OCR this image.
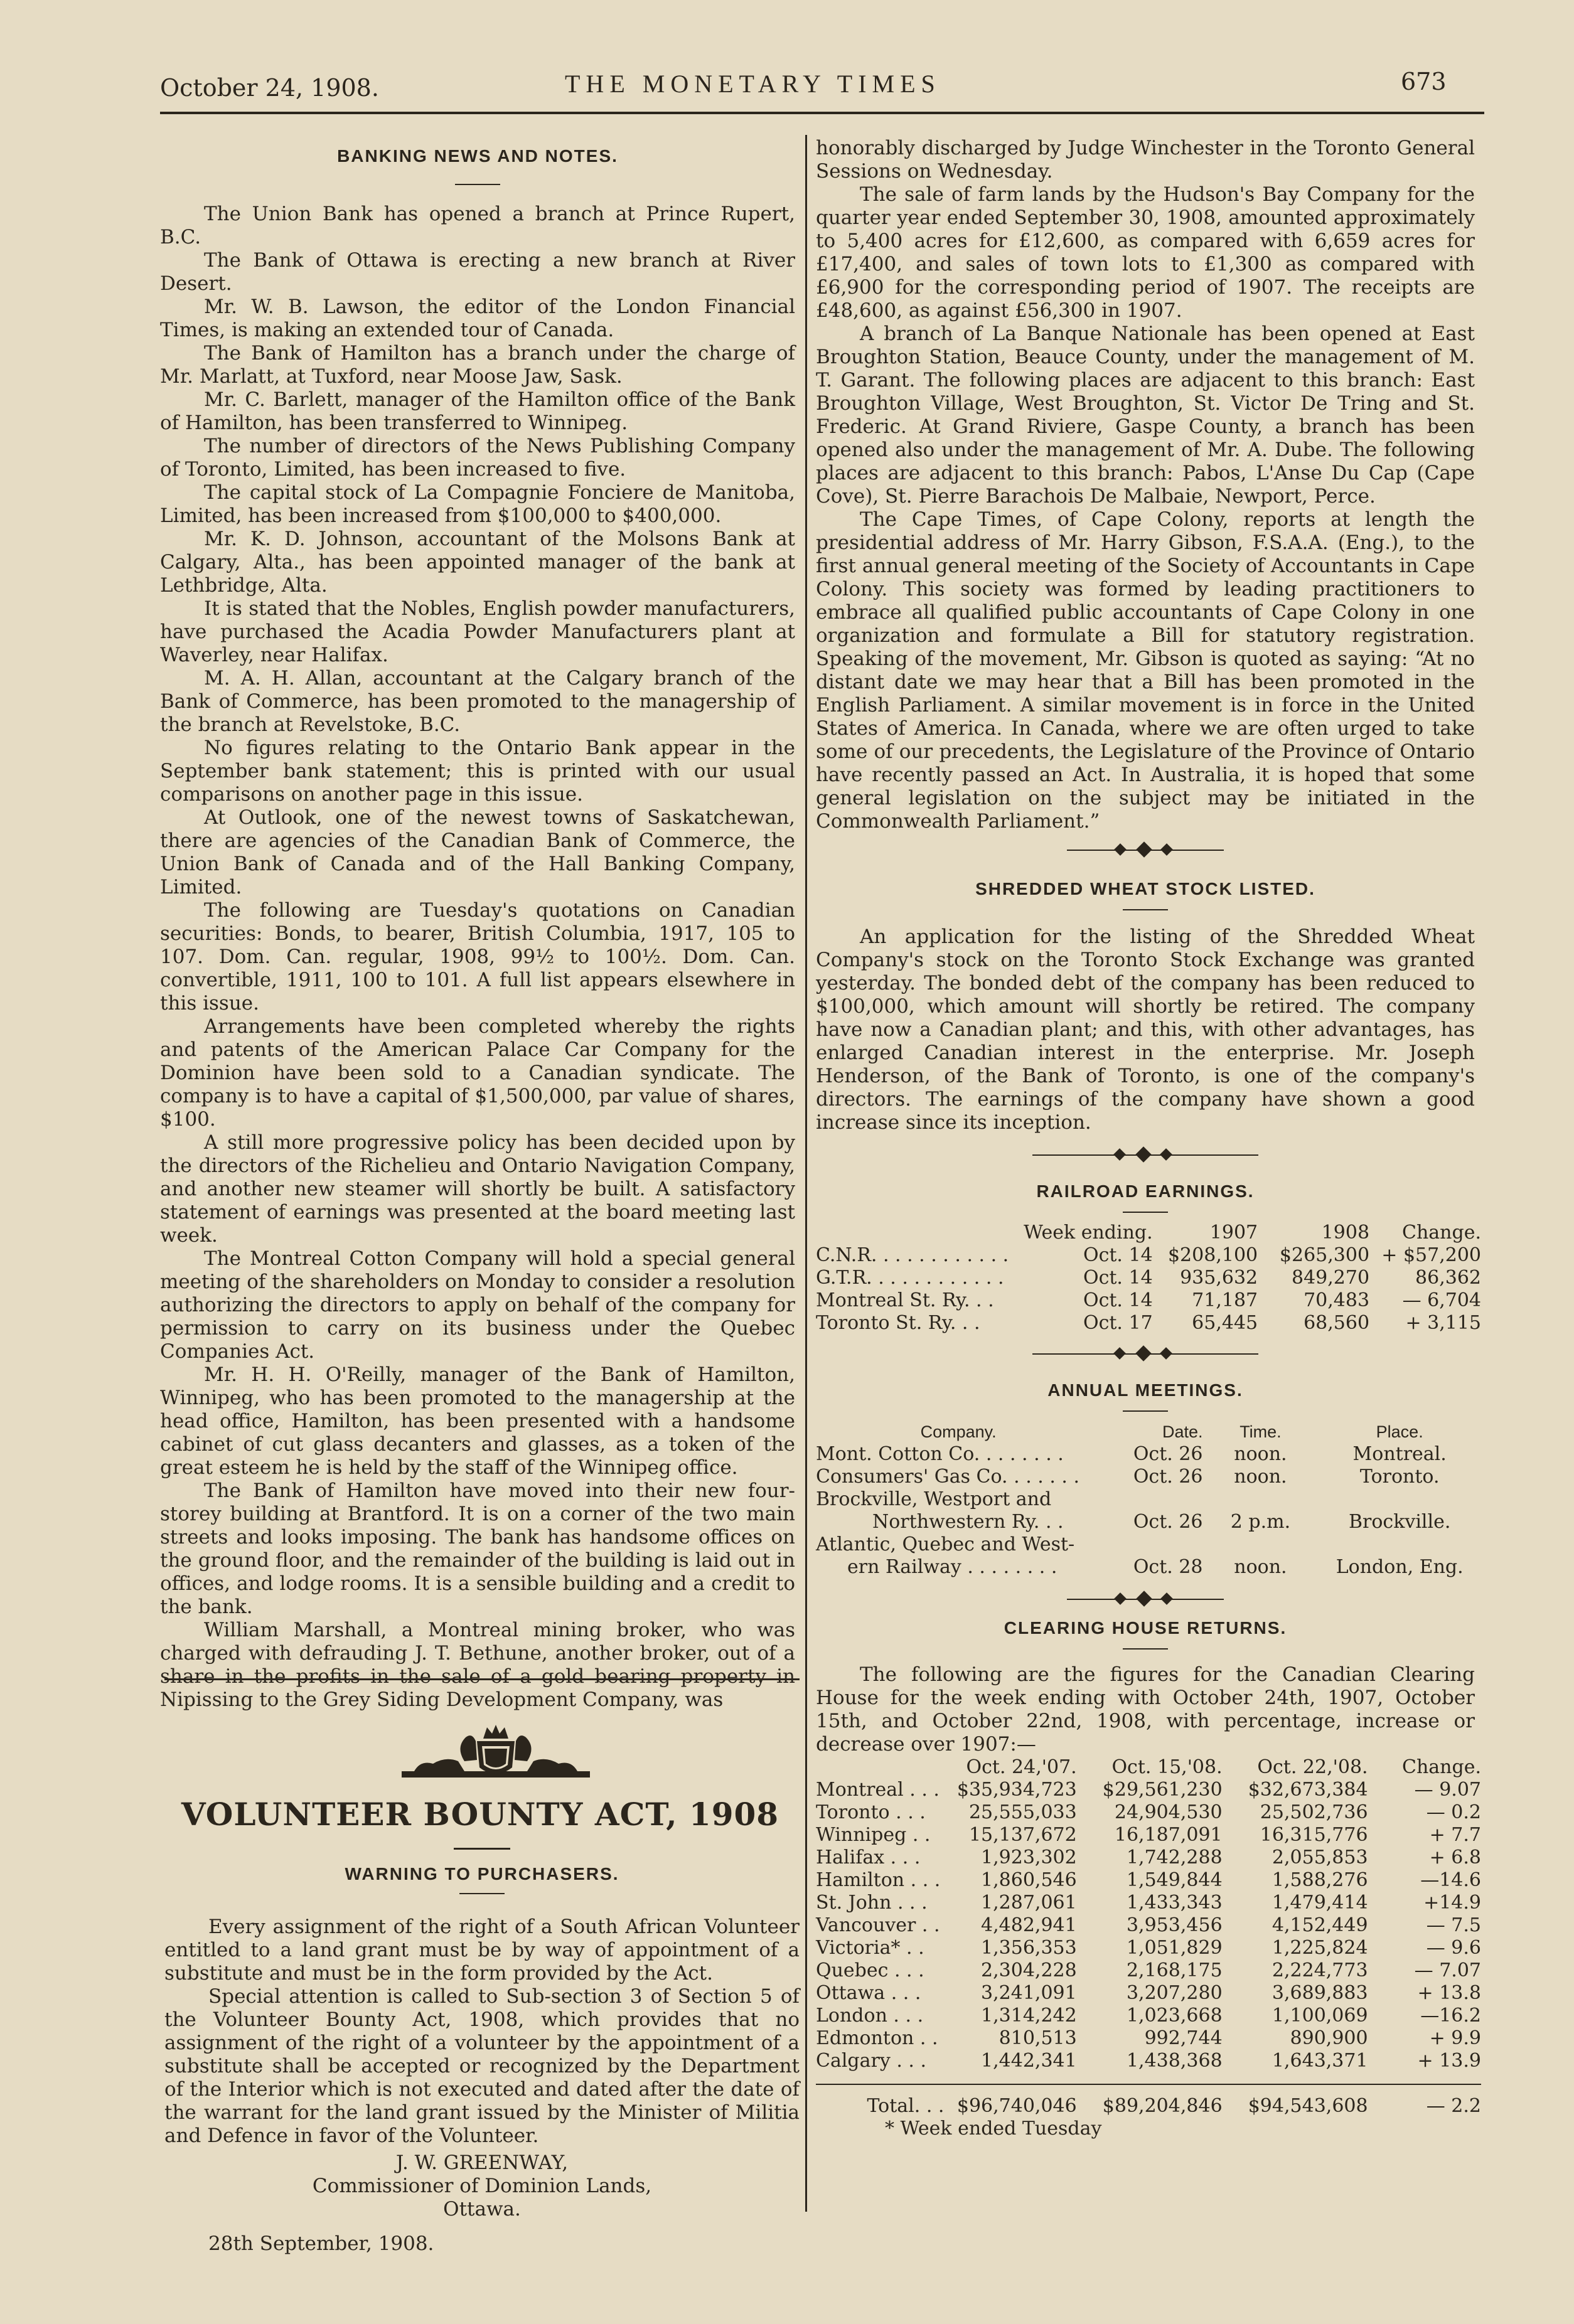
October 24, 1908.	THE MONETARY TIMES	673
BANKING NEWS AND NOTES.

The Union Bank has opened a branch at Prince Rupert, B.C.

The Bank of Ottawa is erecting a new branch at River Desert.

Mr. W. B. Lawson, the editor of the London Financial Times, is making an extended tour of Canada.

The Bank of Hamilton has a branch under the charge of Mr. Marlatt, at Tuxford, near Moose Jaw, Sask.

Mr. C. Barlett, manager of the Hamilton office of the Bank of Hamilton, has been transferred to Winnipeg.

The number of directors of the News Publishing Company of Toronto, Limited, has been increased to five.

The capital stock of La Compagnie Fonciere de Manitoba, Limited, has been increased from $100,000 to $400,000.

Mr. K. D. Johnson, accountant of the Molsons Bank at Calgary, Alta., has been appointed manager of the bank at Lethbridge, Alta.

It is stated that the Nobles, English powder manufacturers, have purchased the Acadia Powder Manufacturers plant at Waverley, near Halifax.

M. A. H. Allan, accountant at the Calgary branch of the Bank of Commerce, has been promoted to the managership of the branch at Revelstoke, B.C.

No figures relating to the Ontario Bank appear in the September bank statement; this is printed with our usual comparisons on another page in this issue.

At Outlook, one of the newest towns of Saskatchewan, there are agencies of the Canadian Bank of Commerce, the Union Bank of Canada and of the Hall Banking Company, Limited.

The following are Tuesday's quotations on Canadian securities: Bonds, to bearer, British Columbia, 1917, 105 to 107. Dom. Can. regular, 1908, 99½ to 100½. Dom. Can. convertible, 1911, 100 to 101. A full list appears elsewhere in this issue.

Arrangements have been completed whereby the rights and patents of the American Palace Car Company for the Dominion have been sold to a Canadian syndicate. The company is to have a capital of $1,500,000, par value of shares, $100.

A still more progressive policy has been decided upon by the directors of the Richelieu and Ontario Navigation Company, and another new steamer will shortly be built. A satisfactory statement of earnings was presented at the board meeting last week.

The Montreal Cotton Company will hold a special general meeting of the shareholders on Monday to consider a resolution authorizing the directors to apply on behalf of the company for permission to carry on its business under the Quebec Companies Act.

Mr. H. H. O'Reilly, manager of the Bank of Hamilton, Winnipeg, who has been promoted to the managership at the head office, Hamilton, has been presented with a handsome cabinet of cut glass decanters and glasses, as a token of the great esteem he is held by the staff of the Winnipeg office.

The Bank of Hamilton have moved into their new four-storey building at Brantford. It is on a corner of the two main streets and looks imposing. The bank has handsome offices on the ground floor, and the remainder of the building is laid out in offices, and lodge rooms. It is a sensible building and a credit to the bank.

William Marshall, a Montreal mining broker, who was charged with defrauding J. T. Bethune, another broker, out of a share in the profits in the sale of a gold bearing property in Nipissing to the Grey Siding Development Company, was

VOLUNTEER BOUNTY ACT, 1908
WARNING TO PURCHASERS.

Every assignment of the right of a South African Volunteer entitled to a land grant must be by way of appointment of a substitute and must be in the form provided by the Act.

Special attention is called to Sub-section 3 of Section 5 of the Volunteer Bounty Act, 1908, which provides that no assignment of the right of a volunteer by the appointment of a substitute shall be accepted or recognized by the Department of the Interior which is not executed and dated after the date of the warrant for the land grant issued by the Minister of Militia and Defence in favor of the Volunteer.

J. W. GREENWAY,
Commissioner of Dominion Lands,
Ottawa.
28th September, 1908.

honorably discharged by Judge Winchester in the Toronto General Sessions on Wednesday.

The sale of farm lands by the Hudson's Bay Company for the quarter year ended September 30, 1908, amounted approximately to 5,400 acres for £12,600, as compared with 6,659 acres for £17,400, and sales of town lots to £1,300 as compared with £6,900 for the corresponding period of 1907. The receipts are £48,600, as against £56,300 in 1907.

A branch of La Banque Nationale has been opened at East Broughton Station, Beauce County, under the management of M. T. Garant. The following places are adjacent to this branch: East Broughton Village, West Broughton, St. Victor De Tring and St. Frederic. At Grand Riviere, Gaspe County, a branch has been opened also under the management of Mr. A. Dube. The following places are adjacent to this branch: Pabos, L'Anse Du Cap (Cape Cove), St. Pierre Barachois De Malbaie, Newport, Perce.

The Cape Times, of Cape Colony, reports at length the presidential address of Mr. Harry Gibson, F.S.A.A. (Eng.), to the first annual general meeting of the Society of Accountants in Cape Colony. This society was formed by leading practitioners to embrace all qualified public accountants of Cape Colony in one organization and formulate a Bill for statutory registration. Speaking of the movement, Mr. Gibson is quoted as saying: “At no distant date we may hear that a Bill has been promoted in the English Parliament. A similar movement is in force in the United States of America. In Canada, where we are often urged to take some of our precedents, the Legislature of the Province of Ontario have recently passed an Act. In Australia, it is hoped that some general legislation on the subject may be initiated in the Commonwealth Parliament.”

SHREDDED WHEAT STOCK LISTED.

An application for the listing of the Shredded Wheat Company's stock on the Toronto Stock Exchange was granted yesterday. The bonded debt of the company has been reduced to $100,000, which amount will shortly be retired. The company have now a Canadian plant; and this, with other advantages, has enlarged Canadian interest in the enterprise. Mr. Joseph Henderson, of the Bank of Toronto, is one of the company's directors. The earnings of the company have shown a good increase since its inception.

RAILROAD EARNINGS.
	Week ending.	1907	1908	Change.
C.N.R. . . . . . . . . . . .	Oct. 14	$208,100	$265,300	+ $57,200
G.T.R. . . . . . . . . . . .	Oct. 14	935,632	849,270	86,362
Montreal St. Ry. . .	Oct. 14	71,187	70,483	— 6,704
Toronto St. Ry. . .	Oct. 17	65,445	68,560	+ 3,115
ANNUAL MEETINGS.
Company.	Date.	Time.	Place.
Mont. Cotton Co. . . . . . . .	Oct. 26	noon.	Montreal.
Consumers' Gas Co. . . . . . .	Oct. 26	noon.	Toronto.
Brockville, Westport and			
Northwestern Ry. . .	Oct. 26	2 p.m.	Brockville.
Atlantic, Quebec and West-			
ern Railway . . . . . . . .	Oct. 28	noon.	London, Eng.
CLEARING HOUSE RETURNS.

The following are the figures for the Canadian Clearing House for the week ending with October 24th, 1907, October 15th, and October 22nd, 1908, with percentage, increase or decrease over 1907:—

	Oct. 24,'07.	Oct. 15,'08.	Oct. 22,'08.	Change.
Montreal . . .	$35,934,723	$29,561,230	$32,673,384	— 9.07
Toronto . . .	25,555,033	24,904,530	25,502,736	— 0.2
Winnipeg . .	15,137,672	16,187,091	16,315,776	+ 7.7
Halifax . . .	1,923,302	1,742,288	2,055,853	+ 6.8
Hamilton . . .	1,860,546	1,549,844	1,588,276	—14.6
St. John . . .	1,287,061	1,433,343	1,479,414	+14.9
Vancouver . .	4,482,941	3,953,456	4,152,449	— 7.5
Victoria* . .	1,356,353	1,051,829	1,225,824	— 9.6
Quebec . . .	2,304,228	2,168,175	2,224,773	— 7.07
Ottawa . . .	3,241,091	3,207,280	3,689,883	+ 13.8
London . . .	1,314,242	1,023,668	1,100,069	—16.2
Edmonton . .	810,513	992,744	890,900	+ 9.9
Calgary . . .	1,442,341	1,438,368	1,643,371	+ 13.9

Total. . .	$96,740,046	$89,204,846	$94,543,608	— 2.2
* Week ended Tuesday				
